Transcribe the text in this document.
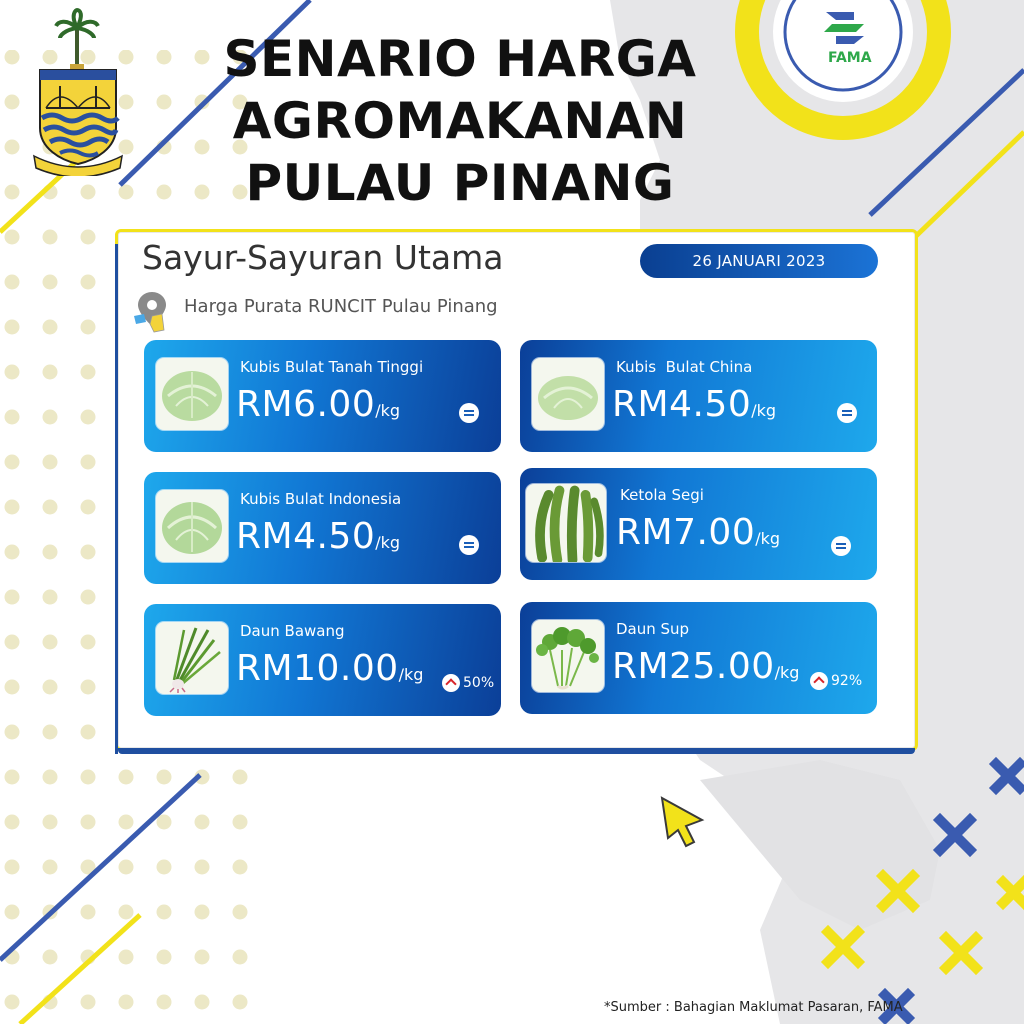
FAMA
SENARIO HARGA
AGROMAKANAN
PULAU PINANG
Sayur-Sayuran Utama	26 JANUARI 2023
Harga Purata RUNCIT Pulau Pinang
Kubis Bulat Tanah Tinggi
RM6.00/kg
Kubis  Bulat China
RM4.50/kg
Kubis Bulat Indonesia
RM4.50/kg
Ketola Segi
RM7.00/kg
Daun Bawang
RM10.00/kg	50%
Daun Sup
RM25.00/kg	92%
*Sumber : Bahagian Maklumat Pasaran, FAMA
